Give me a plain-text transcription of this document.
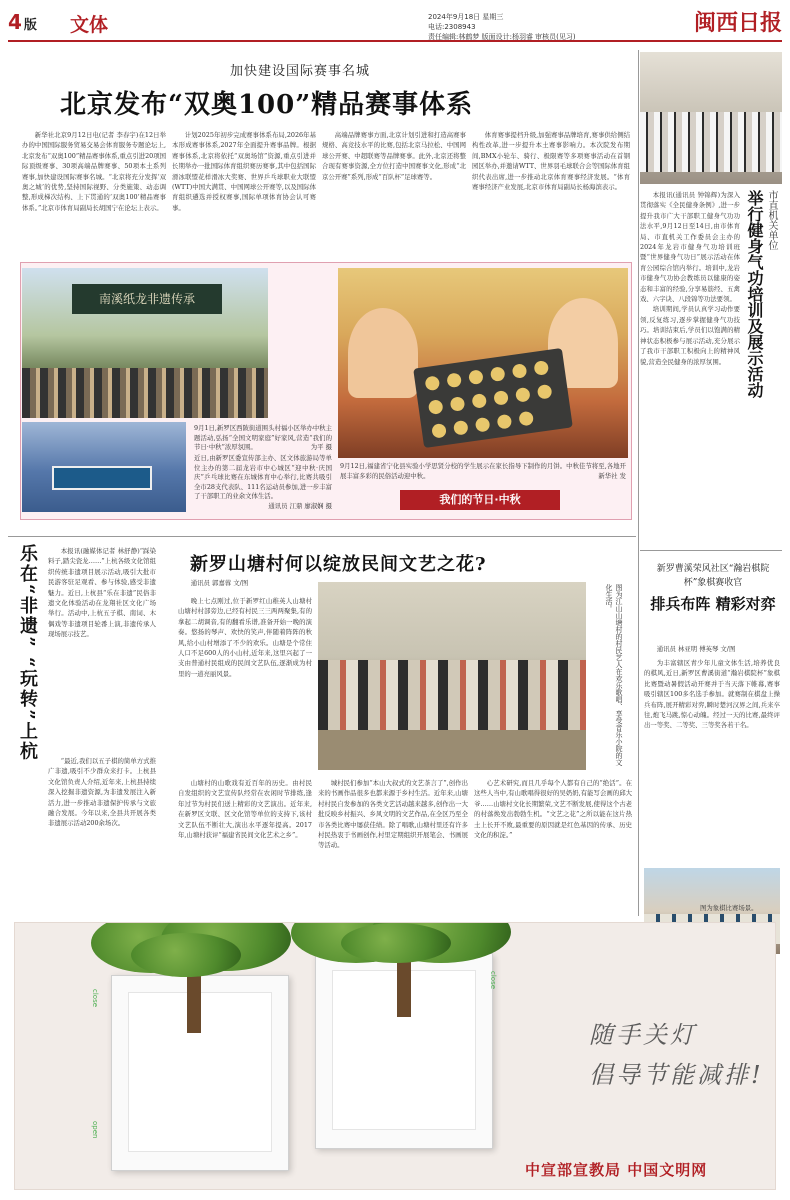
4 版 文体	2024年9月18日 星期三
电话:2308943
责任编辑:林鹤梦 版面设计:杨羽睿 审核员(见习)
闽西日报
加快建设国际赛事名城
北京发布“双奥100”精品赛事体系

新华社北京9月12日电(记者 李春宇)在12日举办的中国国际服务贸易交易会体育服务专题论坛上,北京发布“双奥100”精品赛事体系,重点引进20项国际顶级赛事、30项高端品牌赛事、50项本土系列赛事,加快建设国际赛事名城。“北京将充分发挥‘双奥之城’的优势,坚持国际视野、分类施策、动态调整,形成梯次结构、上下贯通的‘双奥100’精品赛事体系。”北京市体育局副局长胡国宁在论坛上表示。

计划2025年初步完成赛事体系布局,2026年基本形成赛事体系,2027年全面提升赛事品牌。根据赛事体系,北京将依托“双奥场馆”资源,重点引进并长期举办一批国际体育组织赛历赛事,其中包括国际滑冰联盟花样滑冰大奖赛、世界乒乓球职业大联盟(WTT)中国大满贯、中国网球公开赛等,以及国际体育组织遴选并授权赛事,国际单项体育协会认可赛事。

高端品牌赛事方面,北京计划引进和打造高赛事规格、高竞技水平的比赛,包括北京马拉松、中国网球公开赛、中超联赛等品牌赛事。此外,北京还将整合现有赛事资源,全方位打造中国赛事文化,形成“北京公开赛”系列,形成“百队杯”足球赛等。

体育赛事提档升级,加强赛事品牌培育,赛事供给侧结构性改革,进一步提升本土赛事影响力。本次院发布期间,BMX小轮车、骑行、极限赛等多项赛事活动在首钢园区举办,并邀请WTT、世界羽毛球联合会等国际体育组织代表出席,进一步推动北京体育赛事经济发展。“体育赛事经济产业发展,北京市体育局副局长杨海滨表示。

南溪纸龙非遗传承
9月1日,新罗区西陂街道围头村福小区举办中秋主题活动,弘扬“全国文明家庭”好家风,营造“我们的节日·中秋”浓厚氛围。	为平 摄
近日,由新罗区委宣传部主办、区文体旅游局等单位主办的第二届龙岩市中心城区“迎中秋·庆国庆”乒乓球比赛在东城体育中心举行,比赛共吸引全市28支代表队、111名运动员参加,进一步丰富了干部职工的业余文体生活。
通讯员 江鼎 廖淑娴 摄
9月12日,福建省宁化县实验小学思贤分校的学生展示在家长指导下制作的月饼。中秋佳节将至,各地开展丰富多彩的民俗活动迎中秋。	新华社 发
我们的节日·中秋

本报讯(通讯员 钟锦辉)为深入贯彻落实《全民健身条例》,进一步提升我市广大干部职工健身气功功法水平,9月12日至14日,由市体育局、市直机关工作委员会主办的2024年龙岩市健身气功培训班暨“世界健身气功日”展示活动在体育公园综合馆内举行。培训中,龙岩市健身气功协会教练员以健康的姿态和丰富的经验,分享易筋经、五禽戏、六字诀、八段锦等功法要领。

培训期间,学员认真学习动作要领,反复练习,逐步掌握健身气功技巧。培训结束后,学员们以饱满的精神状态积极参与展示活动,充分展示了我市干部职工积极向上的精神风貌,营造全民健身的浓厚氛围。

市直机关单位
举行健身气功培训及展示活动
新罗曹溪荣风社区“瀚岩棋院杯”象棋赛收官
排兵布阵 精彩对弈

通讯员 林亚明 傅英琴 文/图

为丰富辖区青少年儿童文体生活,培养优良的棋风,近日,新罗区曹溪街道“瀚岩棋院杯”象棋比赛暨动暑假活动开赛并于当天落下帷幕,赛事吸引辖区100多名选手参加。就赛制在棋盘上操兵布阵,展开精彩对弈,瞬时楚河汉界之间,兵来卒往,炮飞马跳,惊心动魄。经过一天的比赛,最终评出一等奖、二等奖、三等奖各若干名。

图为象棋比赛场景。
乐在“非遗” “玩转”上杭	本报讯(融媒体记者 林舒静)“踩染料子,踏尖瓷龙……”上杭各级文化馆组织传统非遗项目展示活动,吸引大批市民游客驻足观看、参与体验,感受非遗魅力。近日,上杭县“乐在非遗”民俗非遗文化体验活动在龙翔社区文化广场举行。活动中,上杭五子棋、南词、木偶戏等非遗项目轮番上演,非遗传承人现场展示技艺。

“最近,我们以五子棋的简单方式推广非遗,吸引不少群众来打卡。上杭县文化馆负责人介绍,近年来,上杭县持续深入挖掘非遗资源,为非遗发展注入新活力,进一步推动非遗保护传承与文旅融合发展。今年以来,全县共开展各类非遗展示活动200余场次。

新罗山塘村何以绽放民间文艺之花?

通讯员 郭嘉蓉 文/图

晚上七点刚过,位于新罗红山稚英人山塘村山塘村村部旁边,已经有村民三三两两聚集,有的拿起二胡调音,有的翻看乐谱,准备开始一晚的演奏。悠扬的琴声、欢快的笑声,伴随着阵阵的秋风,给小山村增添了不少的欢乐。山塘是个常住人口不足600人的小山村,近年来,这里兴起了一支由普通村民组成的民间文艺队伍,逐渐成为村里的一道亮丽风景。

山塘村的山歌戏有近百年的历史。由村民自发组织的文艺宣传队经常在农闲时节排练,逢年过节为村民们送上精彩的文艺演出。近年来,在新罗区文联、区文化馆等单位的支持下,该村文艺队伍不断壮大,演出水平逐年提高。2017年,山塘村获评“福建省民间文化艺术之乡”。

图为江山山塘村的村民艺人在欢乐歌唱、享受音乐小院的文化生活。

城村民们参加“本山大叔式的文艺茶言了”,创作出来的书画作品很多也都来源于乡村生活。近年来,山塘村村民自发参加的各类文艺活动越来越多,创作出一大批反映乡村振兴、乡风文明的文艺作品,在全区乃至全市各类比赛中屡获佳绩。除了唱歌,山塘村里还有许多村民热衷于书画创作,村里定期组织开展笔会、书画展等活动。

心艺术研究,而且几乎每个人都有自己的“绝活”。在这些人当中,有山歌唱得很好的吴奶奶,有能写会画的邱大爷……山塘村文化长期繁荣,文艺不断发展,使得这个古老的村落焕发出勃勃生机。“文艺之花”之所以能在这片热土上长开不败,最重要的原因就是红色基因的传承、历史文化的积淀。”

close
open
close
随手关灯
倡导节能减排!
中宣部宣教局 中国文明网
